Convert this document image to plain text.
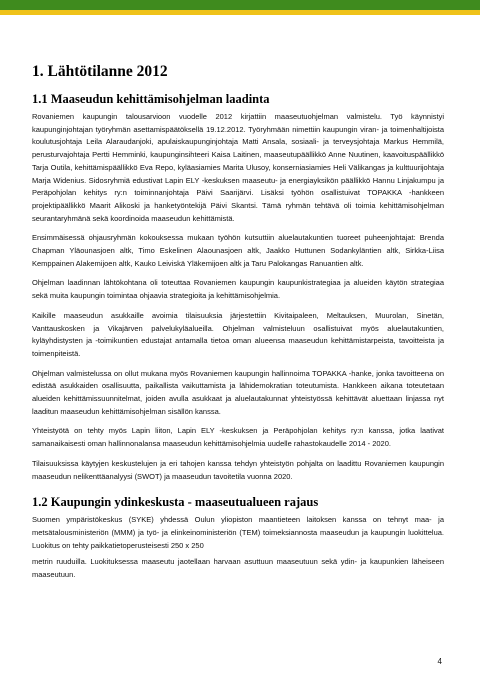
1. Lähtötilanne 2012
1.1 Maaseudun kehittämisohjelman laadinta

Rovaniemen kaupungin talousarvioon vuodelle 2012 kirjattiin maaseutuohjelman valmistelu. Työ käynnistyi kaupunginjohtajan työryhmän asettamispäätöksellä 19.12.2012. Työryhmään nimettiin kaupungin viran- ja toimenhaltijoista koulutusjohtaja Leila Alaraudanjoki, apulaiskaupunginjohtaja Matti Ansala, sosiaali- ja terveysjohtaja Markus Hemmilä, perusturvajohtaja Pertti Hemminki, kaupunginsihteeri Kaisa Laitinen, maaseutupäällikkö Anne Nuutinen, kaavoituspäällikkö Tarja Outila, kehittämispäällikkö Eva Repo, kyläasiamies Marita Ulusoy, konserniasiamies Heli Välikangas ja kulttuurijohtaja Marja Widenius. Sidosryhmiä edustivat Lapin ELY -keskuksen maaseutu- ja energiayksikön päällikkö Hannu Linjakumpu ja Peräpohjolan kehitys ry:n toiminnanjohtaja Päivi Saarijärvi. Lisäksi työhön osallistuivat TOPAKKA -hankkeen projektipäällikkö Maarit Alikoski ja hanketyöntekijä Päivi Skantsi. Tämä ryhmän tehtävä oli toimia kehittämisohjelman seurantaryhmänä sekä koordinoida maaseudun kehittämistä.

Ensimmäisessä ohjausryhmän kokouksessa mukaan työhön kutsuttiin aluelautakuntien tuoreet puheenjohtajat: Brenda Chapman Yläounasjoen altk, Timo Eskelinen Alaounasjoen altk, Jaakko Huttunen Sodankyläntien altk, Sirkka-Liisa Kemppainen Alakemijoen altk, Kauko Leiviskä Yläkemijoen altk ja Taru Palokangas Ranuantien altk.

Ohjelman laadinnan lähtökohtana oli toteuttaa Rovaniemen kaupungin kaupunkistrategiaa ja alueiden käytön strategiaa sekä muita kaupungin toimintaa ohjaavia strategioita ja kehittämisohjelmia.

Kaikille maaseudun asukkaille avoimia tilaisuuksia järjestettiin Kivitaipaleen, Meltauksen, Muurolan, Sinetän, Vanttauskosken ja Vikajärven palvelukyläalueilla. Ohjelman valmisteluun osallistuivat myös aluelautakuntien, kyläyhdistysten ja -toimikuntien edustajat antamalla tietoa oman alueensa maaseudun kehittämistarpeista, tavoitteista ja toimenpiteistä.

Ohjelman valmistelussa on ollut mukana myös Rovaniemen kaupungin hallinnoima TOPAKKA -hanke, jonka tavoitteena on edistää asukkaiden osallisuutta, paikallista vaikuttamista ja lähidemokratian toteutumista. Hankkeen aikana toteutetaan alueiden kehittämissuunnitelmat, joiden avulla asukkaat ja aluelautakunnat yhteistyössä kehittävät aluettaan linjassa nyt laaditun maaseudun kehittämisohjelman sisällön kanssa.

Yhteistyötä on tehty myös Lapin liiton, Lapin ELY -keskuksen ja Peräpohjolan kehitys ry:n kanssa, jotka laativat samanaikaisesti oman hallinnonalansa maaseudun kehittämisohjelmia uudelle rahastokaudelle 2014 - 2020.

Tilaisuuksissa käytyjen keskustelujen ja eri tahojen kanssa tehdyn yhteistyön pohjalta on laadittu Rovaniemen kaupungin maaseudun nelikenttäanalyysi (SWOT) ja maaseudun tavoitetila vuonna 2020.

1.2 Kaupungin ydinkeskusta - maaseutualueen rajaus

Suomen ympäristökeskus (SYKE) yhdessä Oulun yliopiston maantieteen laitoksen kanssa on tehnyt maa- ja metsätalousministeriön (MMM) ja työ- ja elinkeinoministeriön (TEM) toimeksiannosta maaseudun ja kaupungin luokittelua. Luokitus on tehty paikkatietoperusteisesti 250 x 250

metrin ruuduilla. Luokituksessa maaseutu jaotellaan harvaan asuttuun maaseutuun sekä ydin- ja kaupunkien läheiseen maaseutuun.

4
